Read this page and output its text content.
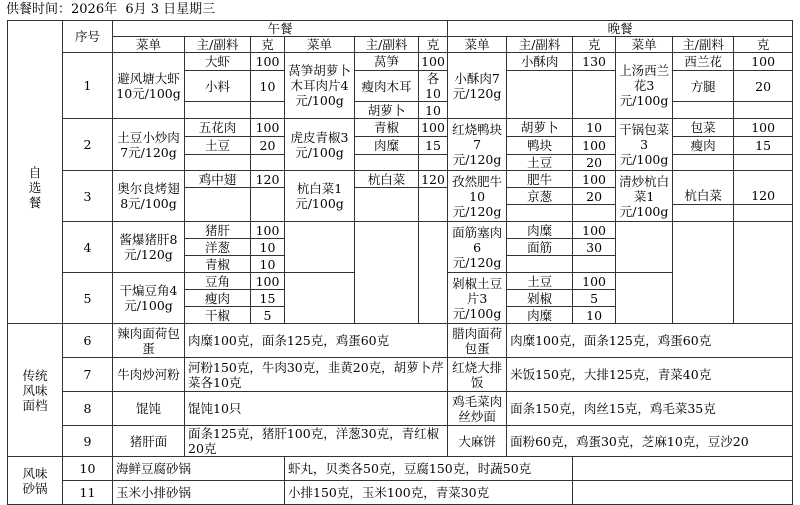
供餐时间：2026年 6月 3 日星期三
	序号	午餐						晚餐					
		菜单	主/副料	克	菜单	主/副料	克	菜单	主/副料	克	菜单	主/副料	克

自选餐	1	避风塘大虾10元/100g	大虾	100	莴笋胡萝卜木耳肉片4元/100g	莴笋	100	小酥肉7元/120g	小酥肉	130	上汤西兰花3元/100g	西兰花	100
			小料	10		瘦肉木耳	各10					方腿	20
						胡萝卜	10						
	2	土豆小炒肉7元/120g	五花肉	100	虎皮青椒3元/100g	青椒	100	红烧鸭块7元/120g	胡萝卜	10	干锅包菜3元/100g	包菜	100
			土豆	20		肉糜	15		鸭块	100		瘦肉	15
									土豆	20			
	3	奥尔良烤翅8元/100g	鸡中翅	120	杭白菜1元/100g	杭白菜	120	孜然肥牛10元/120g	肥牛	100	清炒杭白菜1元/100g		
									京葱	20		杭白菜	120

	4	酱爆猪肝8元/120g	猪肝	100				面筋塞肉6元/120g	肉糜	100			
			洋葱	10					面筋	30			
			青椒	10									
	5	干煸豆角4元/100g	豆角	100				剁椒土豆片3元/100g	土豆	100			
			瘦肉	15					剁椒	5			
			干椒	5					肉糜	10			

传统风味面档	6	辣肉面荷包蛋	肉糜100克，面条125克，鸡蛋60克					腊肉面荷包蛋	肉糜100克，面条125克，鸡蛋60克				
	7	牛肉炒河粉	河粉150克，牛肉30克，韭黄20克，胡萝卜芹菜各10克					红烧大排饭	米饭150克，大排125克，青菜40克				
	8	馄饨	馄饨10只					鸡毛菜肉丝炒面	面条150克，肉丝15克，鸡毛菜35克				
	9	猪肝面	面条125克，猪肝100克，洋葱30克，青红椒20克					大麻饼	面粉60克，鸡蛋30克，芝麻10克，豆沙20				

风味砂锅	10	海鲜豆腐砂锅			虾丸，贝类各50克，豆腐150克，时蔬50克								
	11	玉米小排砂锅			小排150克，玉米100克，青菜30克								
